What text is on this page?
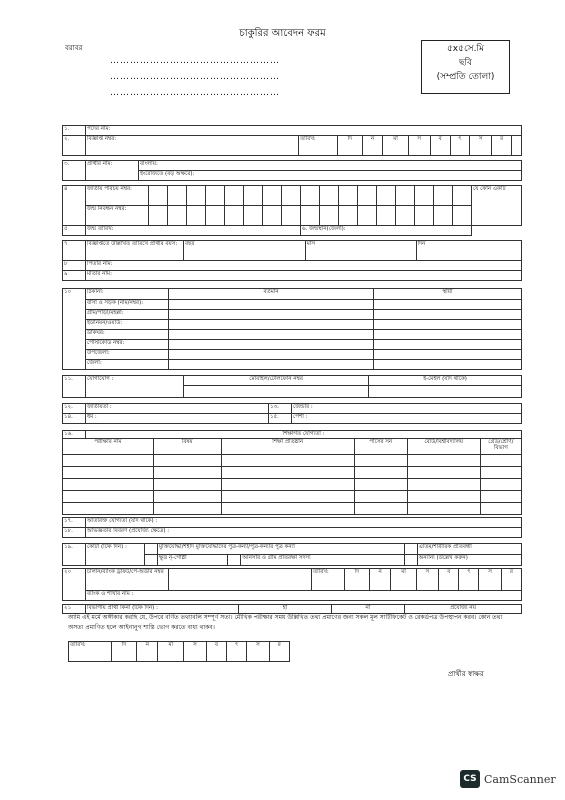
চাকুরির আবেদন ফরম
বরাবর
……………………………………………
……………………………………………
……………………………………………
৫x৫সে.মি
ছবি
(সম্প্রতি তোলা)
১.	পদের নাম:										
২.	বিজ্ঞপ্তি নম্বর:	তারিখ:	দি	ন	মা	স	ব	ৎ	স	র	
৩.	প্রার্থীর নাম:	বাংলায়:
ইংরেজিতে (বড় অক্ষরে):
৪	জাতীয় পরিচয় নম্বর:																		যে কোন একটি
	জন্ম নিবন্ধন নম্বর:																		
৫	জন্ম তারিখ:									৬. জন্মস্থান(জেলা):									
৭	বিজ্ঞপ্তিতে উল্লিখিত তারিখে প্রার্থীর বয়স:	বছর	মাস	দিন
৮	পিতার নাম:			
৯	মাতার নাম:			
১০	ঠিকানা:	বর্তমান	স্থায়ী
	বাসা ও সড়ক (নাম/নম্বর):		
	গ্রাম/পাড়া/মহল্লা:		
	ইউনিয়ন/ওয়ার্ড:		
	ডাকঘর:		
	পোস্টকোড নম্বর:		
	উপজেলা:		
	জেলা:		
১১.	যোগাযোগ :	মোবাইল/টেলিফোন নম্বর	ই-মেইল (যদি থাকে)

১২.	জাতীয়তা :	১৩.	জেন্ডার :
১৪.	ধর্ম :	১৫.	পেশা :
১৬.	শিক্ষাগত যোগ্যতা :					
পরীক্ষার নাম		বিষয়	শিক্ষা প্রতিষ্ঠান	পাসের সন	বোর্ড/বিশ্ববিদ্যালয়	গ্রেড/শ্রেণি/বিভাগ

১৭.	অতিরিক্ত যোগ্যতা (যদি থাকে) :
১৮.	অভিজ্ঞতার বিবরণ (প্রযোজ্য ক্ষেত্রে) :
১৯.	কোটা (টিক দিন) :		মুক্তিযোদ্ধা/শহীদ মুক্তিযোদ্ধাদের পুত্র-কন্যা/পুত্র-কন্যার পুত্র কন্যা				এতিম/শারীরিক প্রতিবন্ধী
			ক্ষুদ্র নৃ-গোষ্ঠী		আনসার ও গ্রাম প্রতিরক্ষা সদস্য		অন্যান্য (উল্লেখ করুন)
২০	চালান/ব্যাংক ড্রাফট/পে-অর্ডার নম্বর		তারিখ:	দি	ন	মা	স	ব	ৎ	স	র
ব্যাংক ও শাখার নাম :
২১	বিভাগীয় প্রার্থী কিনা (টিক দিন) :	হাঁ	না	প্রযোজ্য নয়
আমি এই মর্মে অঙ্গীকার করছি যে, উপরে বর্ণিত তথ্যাবলি সম্পূর্ণ সত্য। মৌখিক পরীক্ষার সময় উল্লিখিত তথ্য প্রমাণের জন্য সকল মূল সার্টিফিকেট ও রেকর্ডপত্র উপস্থাপন করব। কোন তথ্য অসত্য প্রমাণিত হলে আইনানুগ শাস্তি ভোগ করতে বাধ্য থাকব।
তারিখ:	দি	ন	মা	স	ব	ৎ	স	র
প্রার্থীর স্বাক্ষর
CS CamScanner
